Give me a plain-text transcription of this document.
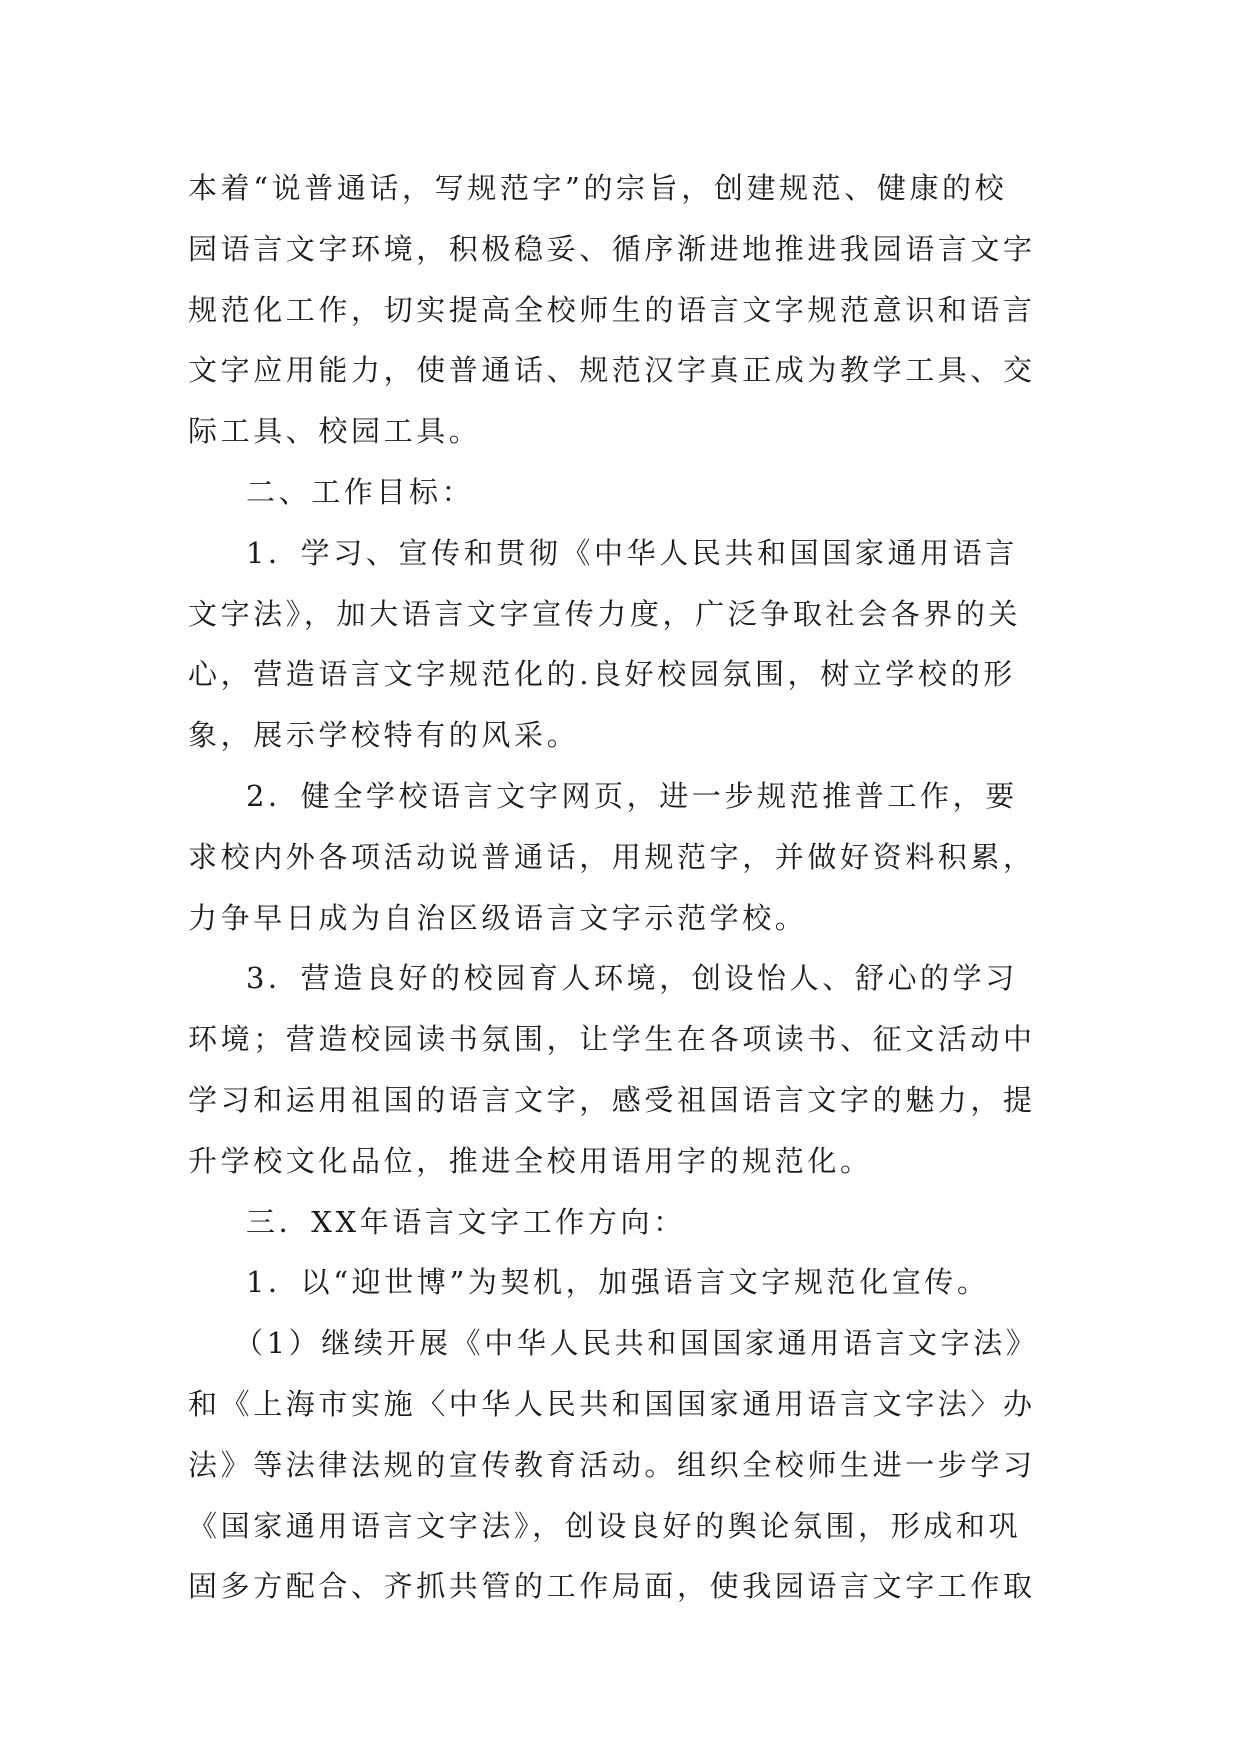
本着“说普通话，写规范字”的宗旨，创建规范、健康的校
园语言文字环境，积极稳妥、循序渐进地推进我园语言文字
规范化工作，切实提高全校师生的语言文字规范意识和语言
文字应用能力，使普通话、规范汉字真正成为教学工具、交
际工具、校园工具。
二、工作目标：
1．学习、宣传和贯彻《中华人民共和国国家通用语言
文字法》，加大语言文字宣传力度，广泛争取社会各界的关
心，营造语言文字规范化的.良好校园氛围，树立学校的形
象，展示学校特有的风采。
2．健全学校语言文字网页，进一步规范推普工作，要
求校内外各项活动说普通话，用规范字，并做好资料积累，
力争早日成为自治区级语言文字示范学校。
3．营造良好的校园育人环境，创设怡人、舒心的学习
环境；营造校园读书氛围，让学生在各项读书、征文活动中
学习和运用祖国的语言文字，感受祖国语言文字的魅力，提
升学校文化品位，推进全校用语用字的规范化。
三．XX年语言文字工作方向：
1．以“迎世博”为契机，加强语言文字规范化宣传。
（1）继续开展《中华人民共和国国家通用语言文字法》
和《上海市实施〈中华人民共和国国家通用语言文字法〉办
法》等法律法规的宣传教育活动。组织全校师生进一步学习
《国家通用语言文字法》，创设良好的舆论氛围，形成和巩
固多方配合、齐抓共管的工作局面，使我园语言文字工作取
